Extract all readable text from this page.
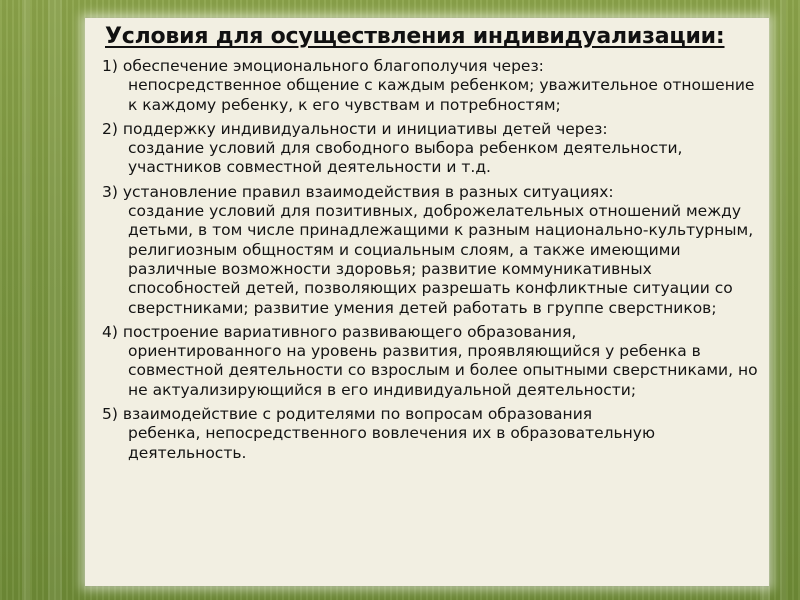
Условия для осуществления индивидуализации:
1) обеспечение эмоционального благополучия через:
непосредственное общение с каждым ребенком; уважительное отношение к каждому ребенку, к его чувствам и потребностям;
2) поддержку индивидуальности и инициативы детей через:
создание условий для свободного выбора ребенком деятельности, участников совместной деятельности и т.д.
3) установление правил взаимодействия в разных ситуациях:
создание условий для позитивных, доброжелательных отношений между детьми, в том числе принадлежащими к разным национально-культурным, религиозным общностям и социальным слоям, а также имеющими различные возможности здоровья; развитие коммуникативных способностей детей, позволяющих разрешать конфликтные ситуации со сверстниками; развитие умения детей работать в группе сверстников;
4) построение вариативного развивающего образования,
ориентированного на уровень развития, проявляющийся у ребенка в совместной деятельности со взрослым и более опытными сверстниками, но не актуализирующийся в его индивидуальной деятельности;
5) взаимодействие с родителями по вопросам образования
ребенка, непосредственного вовлечения их в образовательную деятельность.
